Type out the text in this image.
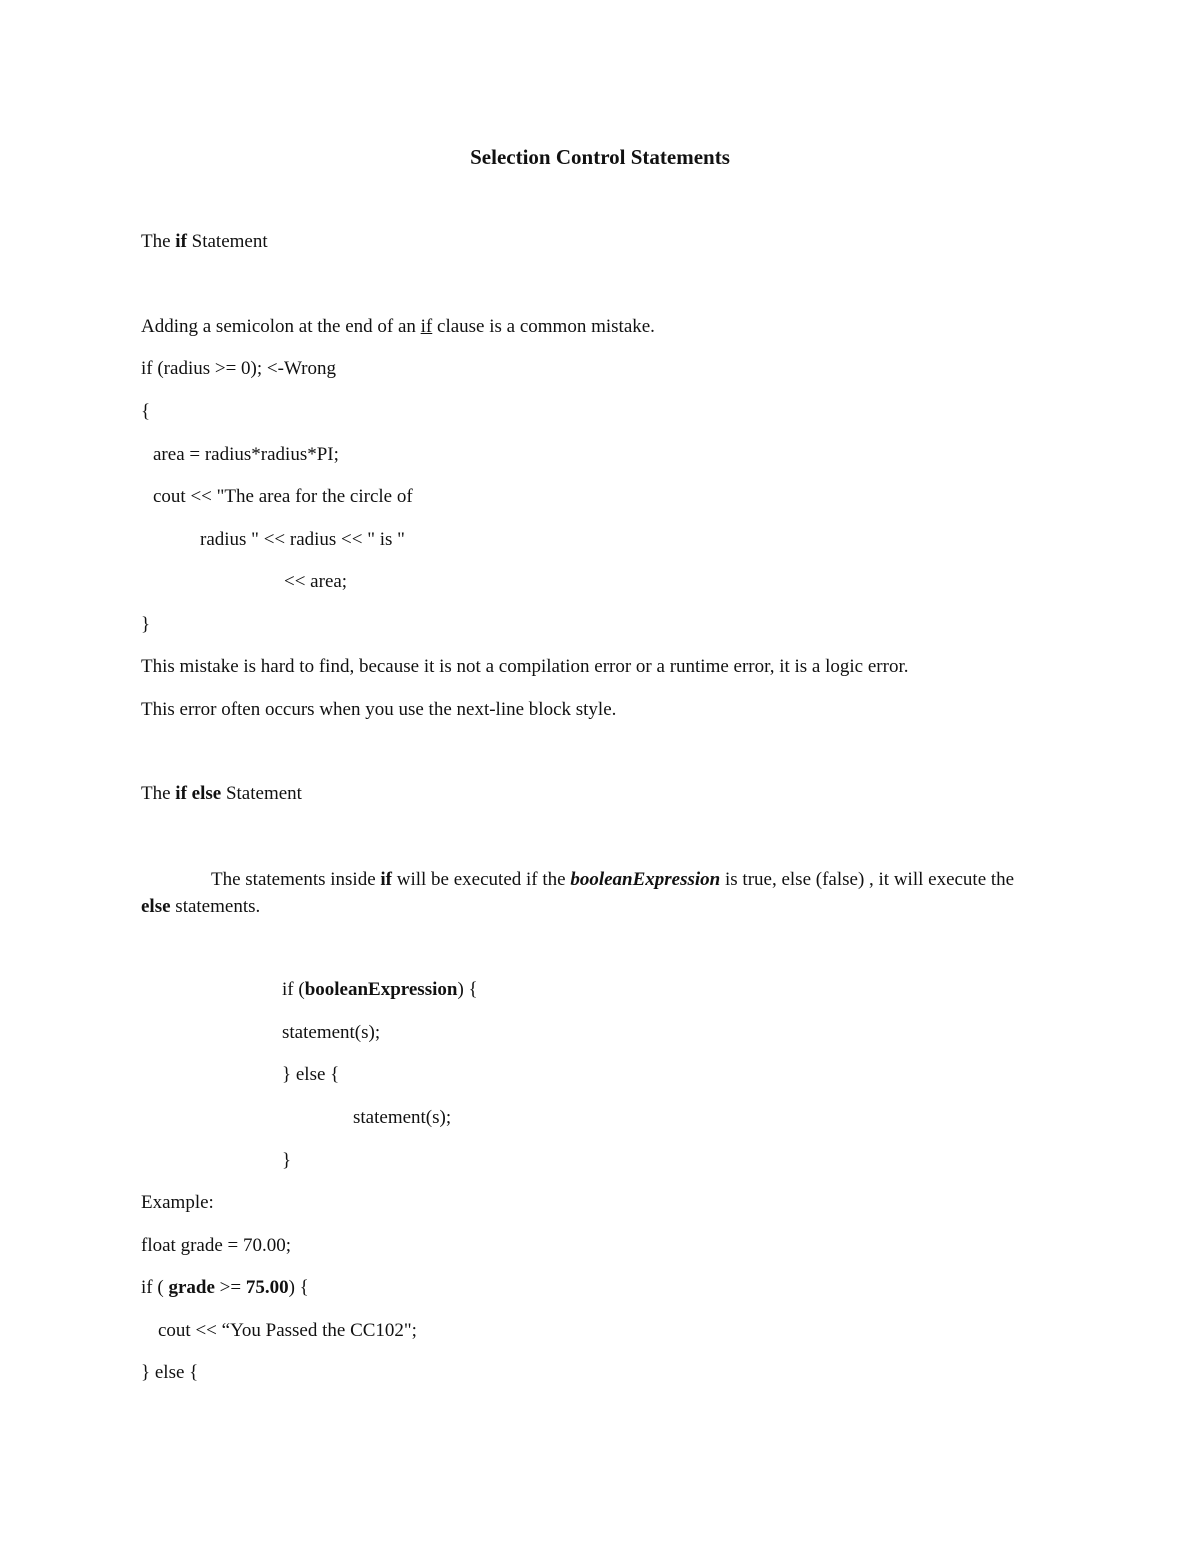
Selection Control Statements
The if Statement
Adding a semicolon at the end of an if clause is a common mistake.
if (radius >= 0); <-Wrong
{
area = radius*radius*PI;
cout << "The area for the circle of
radius " << radius << " is "
<< area;
}
This mistake is hard to find, because it is not a compilation error or a runtime error, it is a logic error.
This error often occurs when you use the next-line block style.
The if else Statement
The statements inside if will be executed if the booleanExpression is true, else (false) , it will execute the else statements.
if (booleanExpression) {
statement(s);
} else {
statement(s);
}
Example:
float grade = 70.00;
if ( grade >= 75.00) {
cout << “You Passed the CC102";
} else {
